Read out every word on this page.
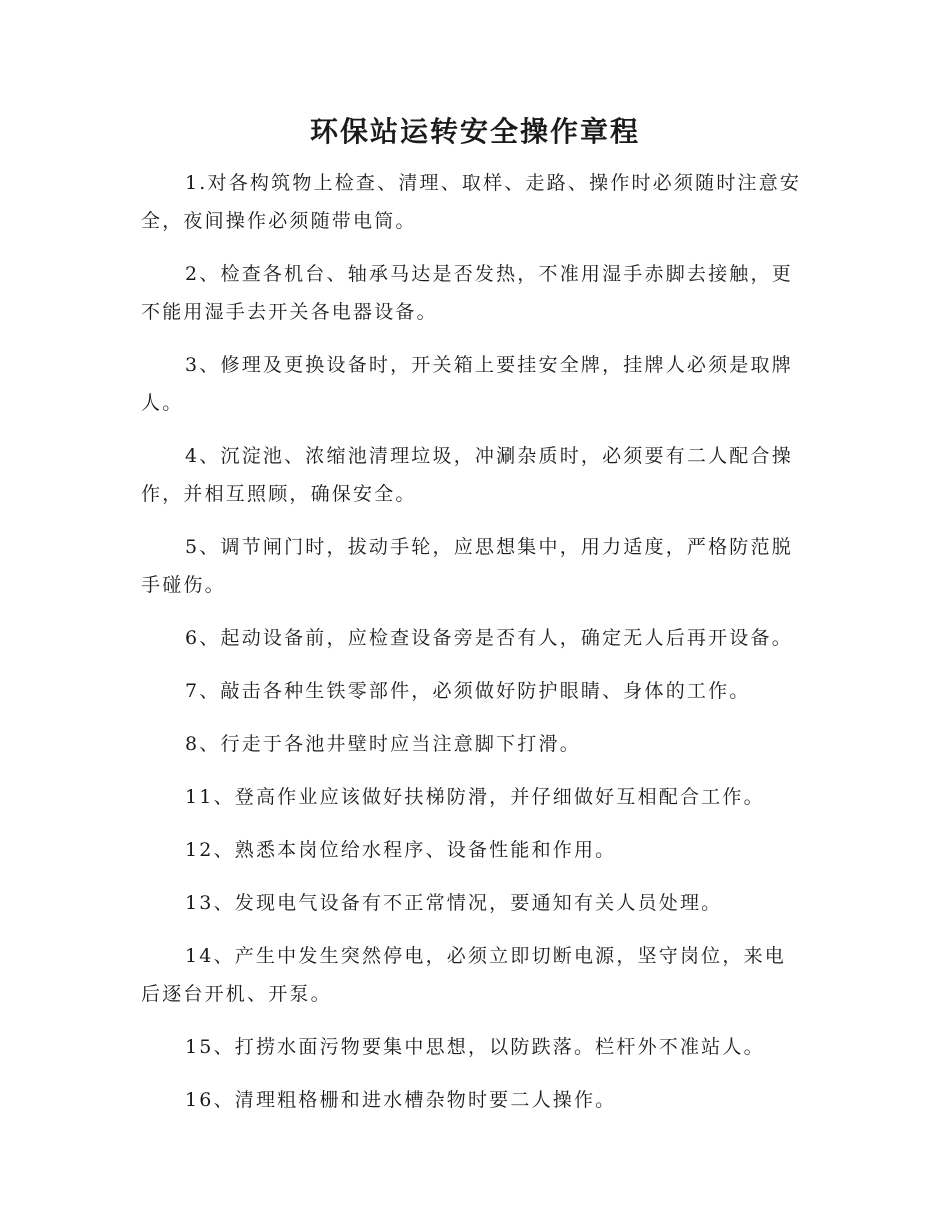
环保站运转安全操作章程

1.对各构筑物上检查、清理、取样、走路、操作时必须随时注意安全，夜间操作必须随带电筒。

2、检查各机台、轴承马达是否发热，不准用湿手赤脚去接触，更不能用湿手去开关各电器设备。

3、修理及更换设备时，开关箱上要挂安全牌，挂牌人必须是取牌人。

4、沉淀池、浓缩池清理垃圾，冲涮杂质时，必须要有二人配合操作，并相互照顾，确保安全。

5、调节闸门时，拔动手轮，应思想集中，用力适度，严格防范脱手碰伤。

6、起动设备前，应检查设备旁是否有人，确定无人后再开设备。

7、敲击各种生铁零部件，必须做好防护眼睛、身体的工作。

8、行走于各池井壁时应当注意脚下打滑。

11、登高作业应该做好扶梯防滑，并仔细做好互相配合工作。

12、熟悉本岗位给水程序、设备性能和作用。

13、发现电气设备有不正常情况，要通知有关人员处理。

14、产生中发生突然停电，必须立即切断电源，坚守岗位，来电后逐台开机、开泵。

15、打捞水面污物要集中思想，以防跌落。栏杆外不准站人。

16、清理粗格栅和进水槽杂物时要二人操作。
